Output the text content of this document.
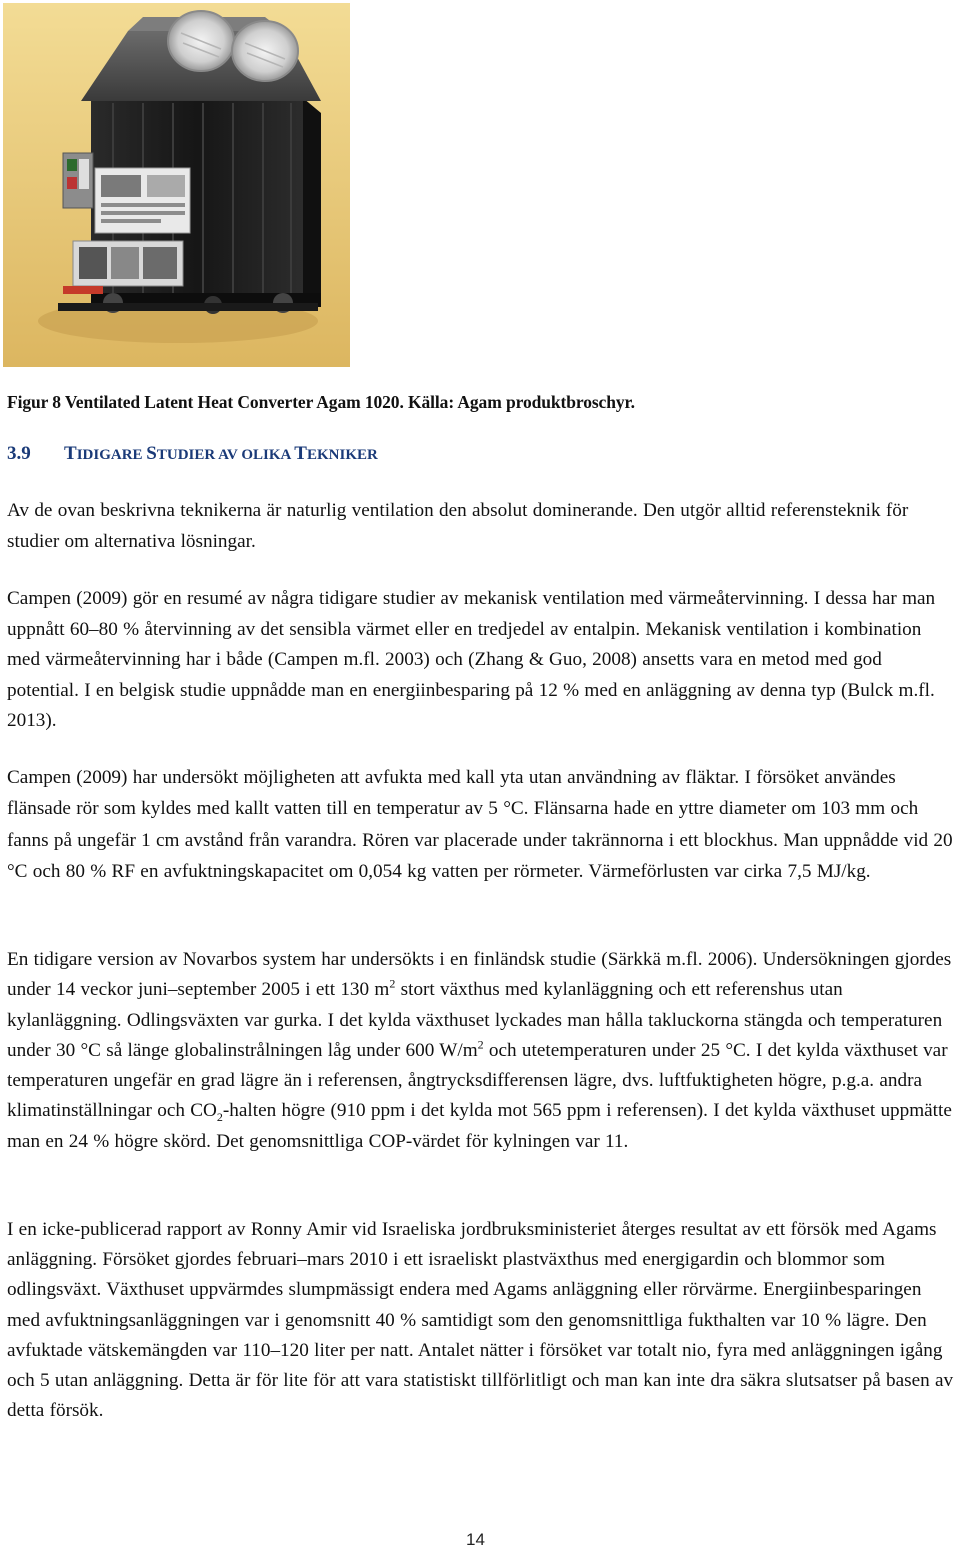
Figur 8 Ventilated Latent Heat Converter Agam 1020. Källa: Agam produktbroschyr.
3.9 TIDIGARE STUDIER AV OLIKA TEKNIKER

Av de ovan beskrivna teknikerna är naturlig ventilation den absolut dominerande. Den utgör alltid referensteknik för studier om alternativa lösningar.

Campen (2009) gör en resumé av några tidigare studier av mekanisk ventilation med värmeåtervinning. I dessa har man uppnått 60–80 % återvinning av det sensibla värmet eller en tredjedel av entalpin. Mekanisk ventilation i kombination med värmeåtervinning har i både (Campen m.fl. 2003) och (Zhang & Guo, 2008) ansetts vara en metod med god potential. I en belgisk studie uppnådde man en energiinbesparing på 12 % med en anläggning av denna typ (Bulck m.fl. 2013).

Campen (2009) har undersökt möjligheten att avfukta med kall yta utan användning av fläktar. I försöket användes flänsade rör som kyldes med kallt vatten till en temperatur av 5 °C. Flänsarna hade en yttre diameter om 103 mm och fanns på ungefär 1 cm avstånd från varandra. Rören var placerade under takrännorna i ett blockhus. Man uppnådde vid 20 °C och 80 % RF en avfuktningskapacitet om 0,054 kg vatten per rörmeter. Värmeförlusten var cirka 7,5 MJ/kg.

En tidigare version av Novarbos system har undersökts i en finländsk studie (Särkkä m.fl. 2006). Undersökningen gjordes under 14 veckor juni–september 2005 i ett 130 $m^2$ stort växthus med kylanläggning och ett referenshus utan kylanläggning. Odlingsväxten var gurka. I det kylda växthuset lyckades man hålla takluckorna stängda och temperaturen under 30 °C så länge globalinstrålningen låg under 600 $W/m^2$ och utetemperaturen under 25 °C. I det kylda växthuset var temperaturen ungefär en grad lägre än i referensen, ångtrycksdifferensen lägre, dvs. luftfuktigheten högre, p.g.a. andra klimatinställningar och $CO_2$-halten högre (910 ppm i det kylda mot 565 ppm i referensen). I det kylda växthuset uppmätte man en 24 % högre skörd. Det genomsnittliga COP-värdet för kylningen var 11.

I en icke-publicerad rapport av Ronny Amir vid Israeliska jordbruksministeriet återges resultat av ett försök med Agams anläggning. Försöket gjordes februari–mars 2010 i ett israeliskt plastväxthus med energigardin och blommor som odlingsväxt. Växthuset uppvärmdes slumpmässigt endera med Agams anläggning eller rörvärme. Energiinbesparingen med avfuktningsanläggningen var i genomsnitt 40 % samtidigt som den genomsnittliga fukthalten var 10 % lägre. Den avfuktade vätskemängden var 110–120 liter per natt. Antalet nätter i försöket var totalt nio, fyra med anläggningen igång och 5 utan anläggning. Detta är för lite för att vara statistiskt tillförlitligt och man kan inte dra säkra slutsatser på basen av detta försök.

14
